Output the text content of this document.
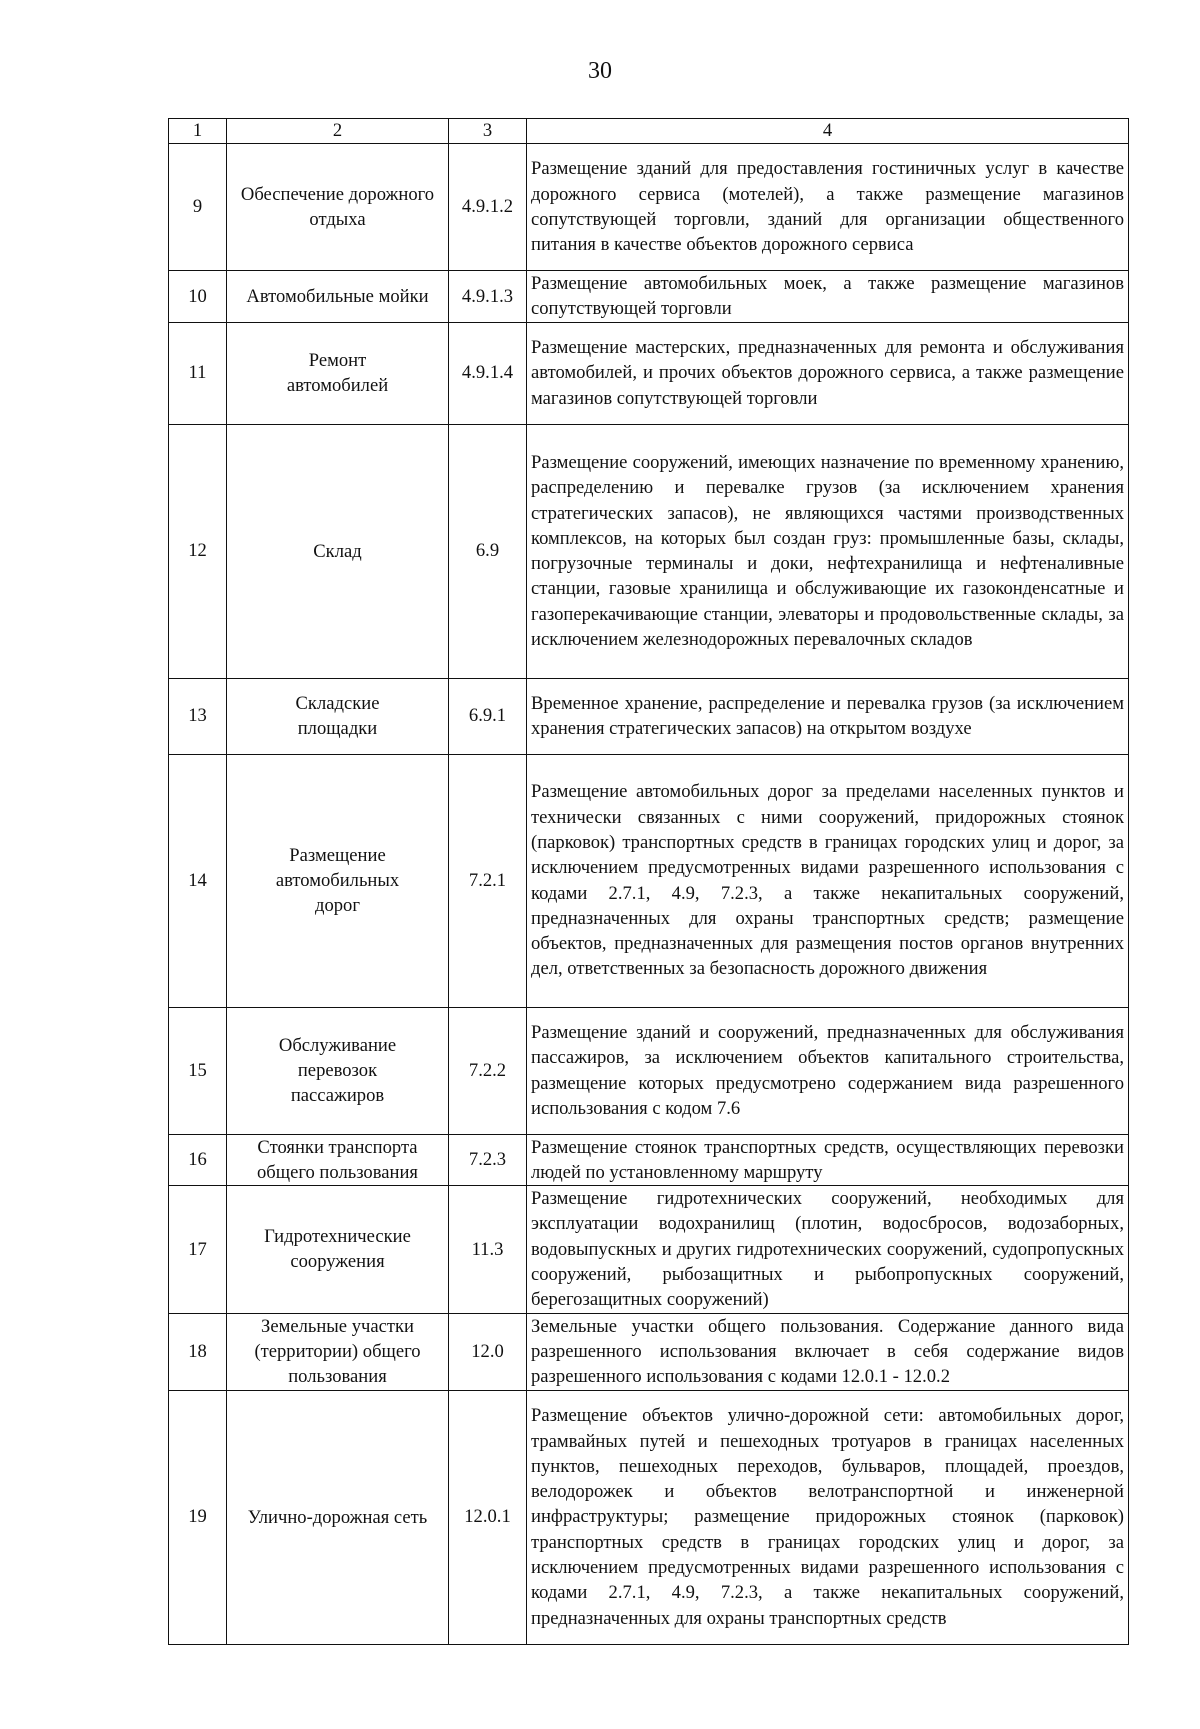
30
1	2	3	4
9	Обеспечение дорожного отдыха	4.9.1.2	Размещение зданий для предоставления гостиничных услуг в качестве дорожного сервиса (мотелей), а также размещение магазинов сопутствующей торговли, зданий для организации общественного питания в качестве объектов дорожного сервиса
10	Автомобильные мойки	4.9.1.3	Размещение автомобильных моек, а также размещение магазинов сопутствующей торговли
11	Ремонт автомобилей	4.9.1.4	Размещение мастерских, предназначенных для ремонта и обслуживания автомобилей, и прочих объектов дорожного сервиса, а также размещение магазинов сопутствующей торговли
12	Склад	6.9	Размещение сооружений, имеющих назначение по временному хранению, распределению и перевалке грузов (за исключением хранения стратегических запасов), не являющихся частями производственных комплексов, на которых был создан груз: промышленные базы, склады, погрузочные терминалы и доки, нефтехранилища и нефтеналивные станции, газовые хранилища и обслуживающие их газоконденсатные и газоперекачивающие станции, элеваторы и продовольственные склады, за исключением железнодорожных перевалочных складов
13	Складские площадки	6.9.1	Временное хранение, распределение и перевалка грузов (за исключением хранения стратегических запасов) на открытом воздухе
14	Размещение автомобильных дорог	7.2.1	Размещение автомобильных дорог за пределами населенных пунктов и технически связанных с ними сооружений, придорожных стоянок (парковок) транспортных средств в границах городских улиц и дорог, за исключением предусмотренных видами разрешенного использования с кодами 2.7.1, 4.9, 7.2.3, а также некапитальных сооружений, предназначенных для охраны транспортных средств; размещение объектов, предназначенных для размещения постов органов внутренних дел, ответственных за безопасность дорожного движения
15	Обслуживание перевозок пассажиров	7.2.2	Размещение зданий и сооружений, предназначенных для обслуживания пассажиров, за исключением объектов капитального строительства, размещение которых предусмотрено содержанием вида разрешенного использования с кодом 7.6
16	Стоянки транспорта общего пользования	7.2.3	Размещение стоянок транспортных средств, осуществляющих перевозки людей по установленному маршруту
17	Гидротехнические сооружения	11.3	Размещение гидротехнических сооружений, необходимых для эксплуатации водохранилищ (плотин, водосбросов, водозаборных, водовыпускных и других гидротехнических сооружений, судопропускных сооружений, рыбозащитных и рыбопропускных сооружений, берегозащитных сооружений)
18	Земельные участки (территории) общего пользования	12.0	Земельные участки общего пользования. Содержание данного вида разрешенного использования включает в себя содержание видов разрешенного использования с кодами 12.0.1 - 12.0.2
19	Улично-дорожная сеть	12.0.1	Размещение объектов улично-дорожной сети: автомобильных дорог, трамвайных путей и пешеходных тротуаров в границах населенных пунктов, пешеходных переходов, бульваров, площадей, проездов, велодорожек и объектов велотранспортной и инженерной инфраструктуры; размещение придорожных стоянок (парковок) транспортных средств в границах городских улиц и дорог, за исключением предусмотренных видами разрешенного использования с кодами 2.7.1, 4.9, 7.2.3, а также некапитальных сооружений, предназначенных для охраны транспортных средств
